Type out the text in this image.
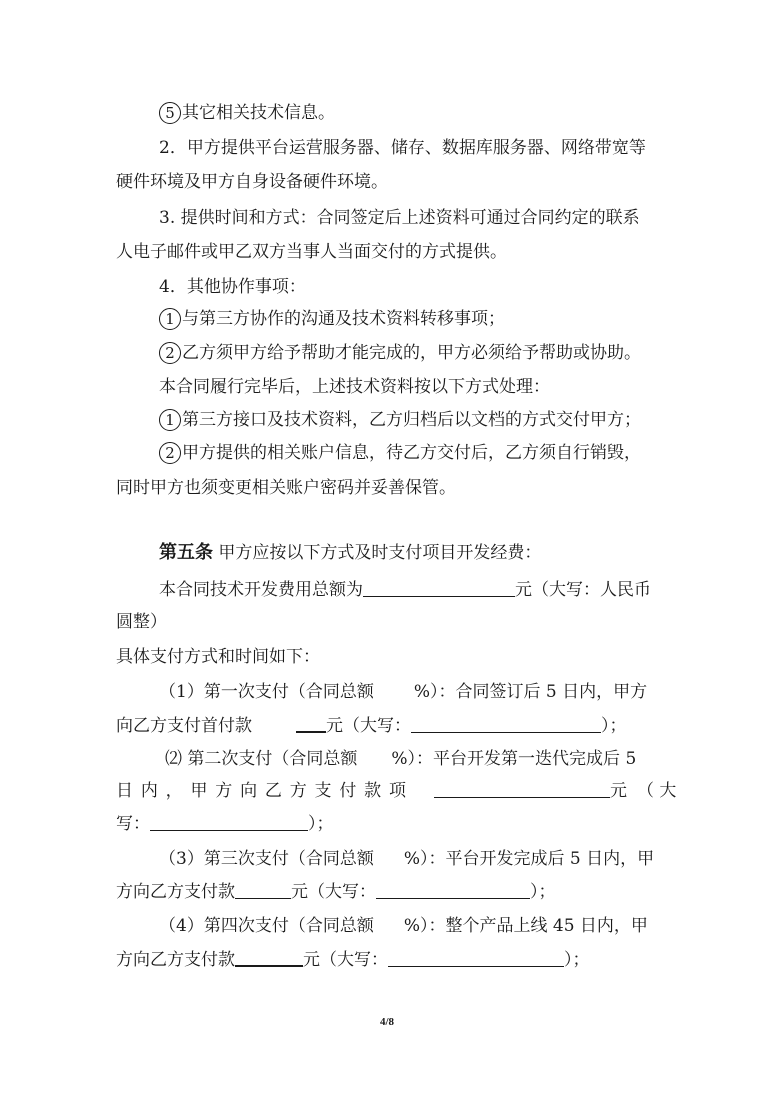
5 其它相关技术信息。
2．甲方提供平台运营服务器、储存、数据库服务器、网络带宽等
硬件环境及甲方自身设备硬件环境。
3. 提供时间和方式：合同签定后上述资料可通过合同约定的联系
人电子邮件或甲乙双方当事人当面交付的方式提供。
4．其他协作事项：
1 与第三方协作的沟通及技术资料转移事项；
2 乙方须甲方给予帮助才能完成的，甲方必须给予帮助或协助。
本合同履行完毕后，上述技术资料按以下方式处理：
1 第三方接口及技术资料，乙方归档后以文档的方式交付甲方；
2 甲方提供的相关账户信息，待乙方交付后，乙方须自行销毁，
同时甲方也须变更相关账户密码并妥善保管。
第五条 甲方应按以下方式及时支付项目开发经费：
本合同技术开发费用总额为	元（大写：人民币
圆整）
具体支付方式和时间如下：
（1）第一次支付（合同总额 %）：合同签订后 5 日内，甲方
向乙方支付首付款	元（大写：	）；
⑵ 第二次支付（合同总额 %）：平台开发第一迭代完成后 5
日 内 ， 甲 方 向 乙 方 支 付 款 项	元 （ 大
写：	）；
（3）第三次支付（合同总额 %）：平台开发完成后 5 日内，甲
方向乙方支付款	元（大写：	）；
（4）第四次支付（合同总额 %）：整个产品上线 45 日内，甲
方向乙方支付款	元（大写：	）；
4/8
